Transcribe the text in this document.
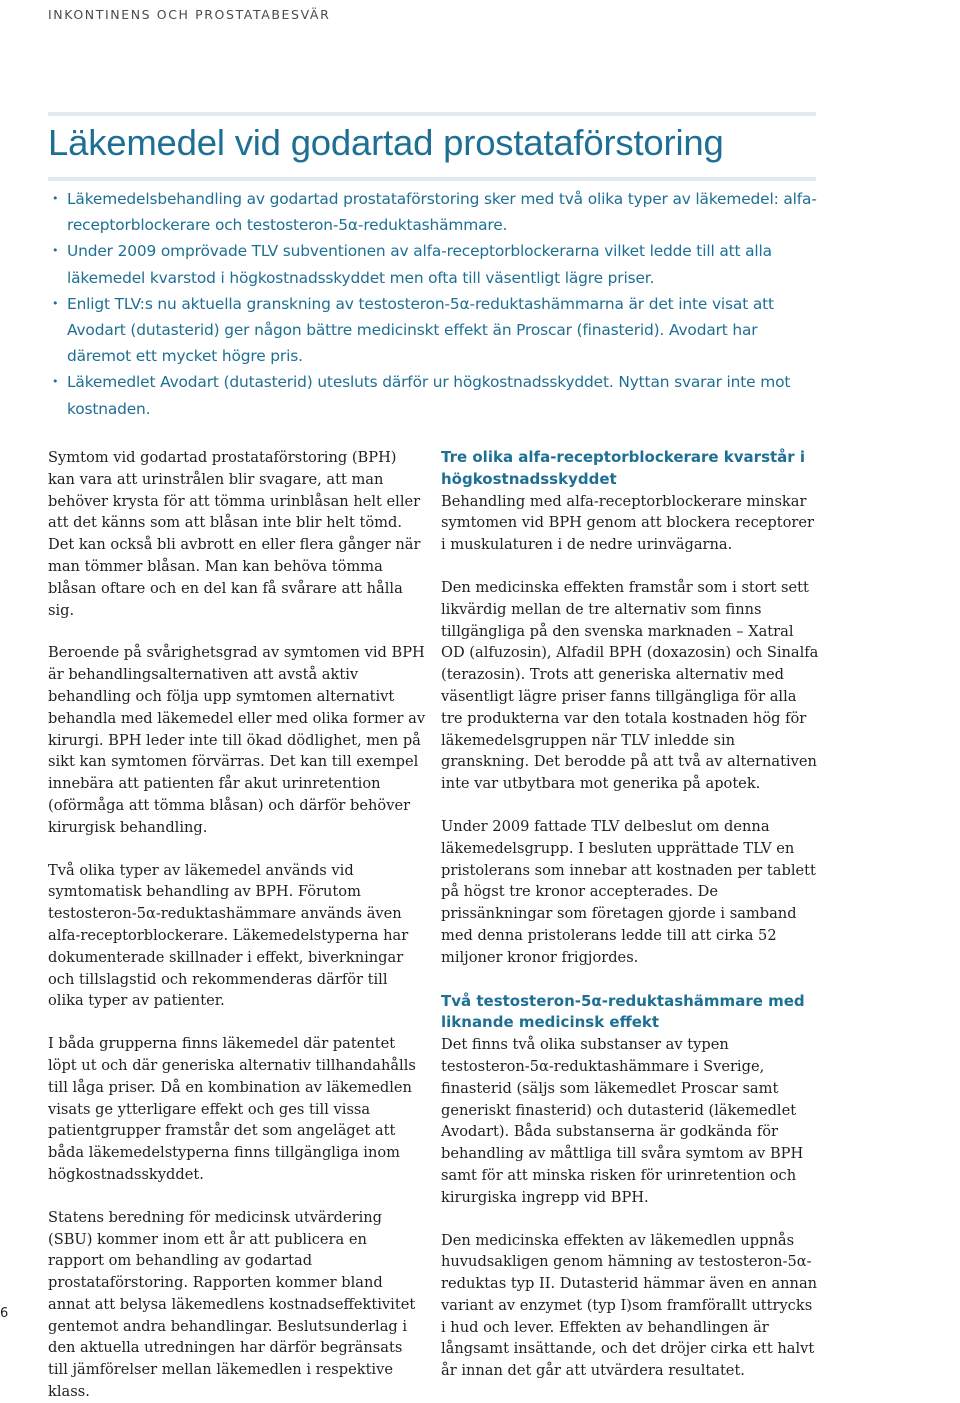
INKONTINENS OCH PROSTATABESVÄR
Läkemedel vid godartad prostataförstoring
• Läkemedelsbehandling av godartad prostataförstoring sker med två olika typer av läkemedel: alfa-receptorblockerare och testosteron-5α-reduktashämmare.
• Under 2009 omprövade TLV subventionen av alfa-receptorblockerarna vilket ledde till att alla läkemedel kvarstod i högkostnadsskyddet men ofta till väsentligt lägre priser.
• Enligt TLV:s nu aktuella granskning av testosteron-5α-reduktashämmarna är det inte visat att Avodart (dutasterid) ger någon bättre medicinskt effekt än Proscar (finasterid). Avodart har däremot ett mycket högre pris.
• Läkemedlet Avodart (dutasterid) utesluts därför ur högkostnadsskyddet. Nyttan svarar inte mot kostnaden.

Symtom vid godartad prostataförstoring (BPH) kan vara att urinstrålen blir svagare, att man behöver krysta för att tömma urinblåsan helt eller att det känns som att blåsan inte blir helt tömd. Det kan också bli avbrott en eller flera gånger när man tömmer blåsan. Man kan behöva tömma blåsan oftare och en del kan få svårare att hålla sig.

Beroende på svårighetsgrad av symtomen vid BPH är behandlingsalternativen att avstå aktiv behandling och följa upp symtomen alternativt behandla med läkemedel eller med olika former av kirurgi. BPH leder inte till ökad dödlighet, men på sikt kan symtomen förvärras. Det kan till exempel innebära att patienten får akut urinretention (oförmåga att tömma blåsan) och därför behöver kirurgisk behandling.

Två olika typer av läkemedel används vid symtomatisk behandling av BPH. Förutom testosteron-5α-reduktashämmare används även alfa-receptorblockerare. Läkemedelstyperna har dokumenterade skillnader i effekt, biverkningar och tillslagstid och rekommenderas därför till olika typer av patienter.

I båda grupperna finns läkemedel där patentet löpt ut och där generiska alternativ tillhandahålls till låga priser. Då en kombination av läkemedlen visats ge ytterligare effekt och ges till vissa patientgrupper framstår det som angeläget att båda läkemedelstyperna finns tillgängliga inom högkostnadsskyddet.

Statens beredning för medicinsk utvärdering (SBU) kommer inom ett år att publicera en rapport om behandling av godartad prostataförstoring. Rapporten kommer bland annat att belysa läkemedlens kostnadseffektivitet gentemot andra behandlingar. Beslutsunderlag i den aktuella utredningen har därför begränsats till jämförelser mellan läkemedlen i respektive klass.

Tre olika alfa-receptorblockerare kvarstår i högkostnadsskyddet

Behandling med alfa-receptorblockerare minskar symtomen vid BPH genom att blockera receptorer i muskulaturen i de nedre urinvägarna.

Den medicinska effekten framstår som i stort sett likvärdig mellan de tre alternativ som finns tillgängliga på den svenska marknaden – Xatral OD (alfuzosin), Alfadil BPH (doxazosin) och Sinalfa (terazosin). Trots att generiska alternativ med väsentligt lägre priser fanns tillgängliga för alla tre produkterna var den totala kostnaden hög för läkemedelsgruppen när TLV inledde sin granskning. Det berodde på att två av alternativen inte var utbytbara mot generika på apotek.

Under 2009 fattade TLV delbeslut om denna läkemedelsgrupp. I besluten upprättade TLV en pristolerans som innebar att kostnaden per tablett på högst tre kronor accepterades. De prissänkningar som företagen gjorde i samband med denna pristolerans ledde till att cirka 52 miljoner kronor frigjordes.

Två testosteron-5α-reduktashämmare med liknande medicinsk effekt

Det finns två olika substanser av typen testosteron-5α-reduktashämmare i Sverige, finasterid (säljs som läkemedlet Proscar samt generiskt finasterid) och dutasterid (läkemedlet Avodart). Båda substanserna är godkända för behandling av måttliga till svåra symtom av BPH samt för att minska risken för urinretention och kirurgiska ingrepp vid BPH.

Den medicinska effekten av läkemedlen uppnås huvudsakligen genom hämning av testosteron-5α-reduktas typ II. Dutasterid hämmar även en annan variant av enzymet (typ I)som framförallt uttrycks i hud och lever. Effekten av behandlingen är långsamt insättande, och det dröjer cirka ett halvt år innan det går att utvärdera resultatet.

6
